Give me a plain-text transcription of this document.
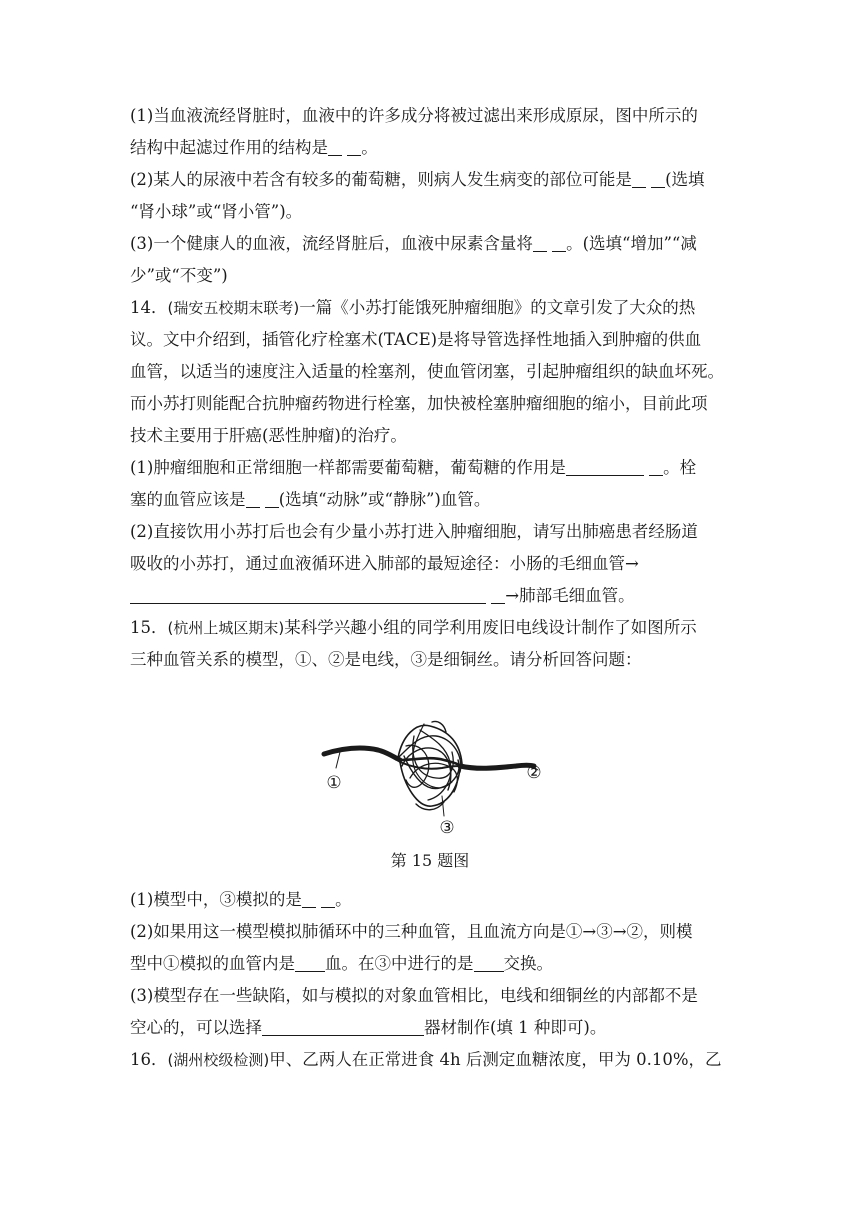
(1)当血液流经肾脏时，血液中的许多成分将被过滤出来形成原尿，图中所示的
结构中起滤过作用的结构是 。
(2)某人的尿液中若含有较多的葡萄糖，则病人发生病变的部位可能是 (选填
“肾小球”或“肾小管”)。
(3)一个健康人的血液，流经肾脏后，血液中尿素含量将 。(选填“增加”“减
少”或“不变”)
14．(瑞安五校期末联考)一篇《小苏打能饿死肿瘤细胞》的文章引发了大众的热
议。文中介绍到，插管化疗栓塞术(TACE)是将导管选择性地插入到肿瘤的供血
血管，以适当的速度注入适量的栓塞剂，使血管闭塞，引起肿瘤组织的缺血坏死。
而小苏打则能配合抗肿瘤药物进行栓塞，加快被栓塞肿瘤细胞的缩小，目前此项
技术主要用于肝癌(恶性肿瘤)的治疗。
(1)肿瘤细胞和正常细胞一样都需要葡萄糖，葡萄糖的作用是	。栓
塞的血管应该是 (选填“动脉”或“静脉”)血管。
(2)直接饮用小苏打后也会有少量小苏打进入肿瘤细胞，请写出肺癌患者经肠道
吸收的小苏打，通过血液循环进入肺部的最短途径：小肠的毛细血管→
→肺部毛细血管。
15．(杭州上城区期末)某科学兴趣小组的同学利用废旧电线设计制作了如图所示
三种血管关系的模型，①、②是电线，③是细铜丝。请分析回答问题：
①	②
③
第 15 题图
(1)模型中，③模拟的是 。
(2)如果用这一模型模拟肺循环中的三种血管，且血流方向是①→③→②，则模
型中①模拟的血管内是 血。在③中进行的是 交换。
(3)模型存在一些缺陷，如与模拟的对象血管相比，电线和细铜丝的内部都不是
空心的，可以选择	器材制作(填 1 种即可)。
16．(湖州校级检测)甲、乙两人在正常进食 4h 后测定血糖浓度，甲为 0.10%，乙
